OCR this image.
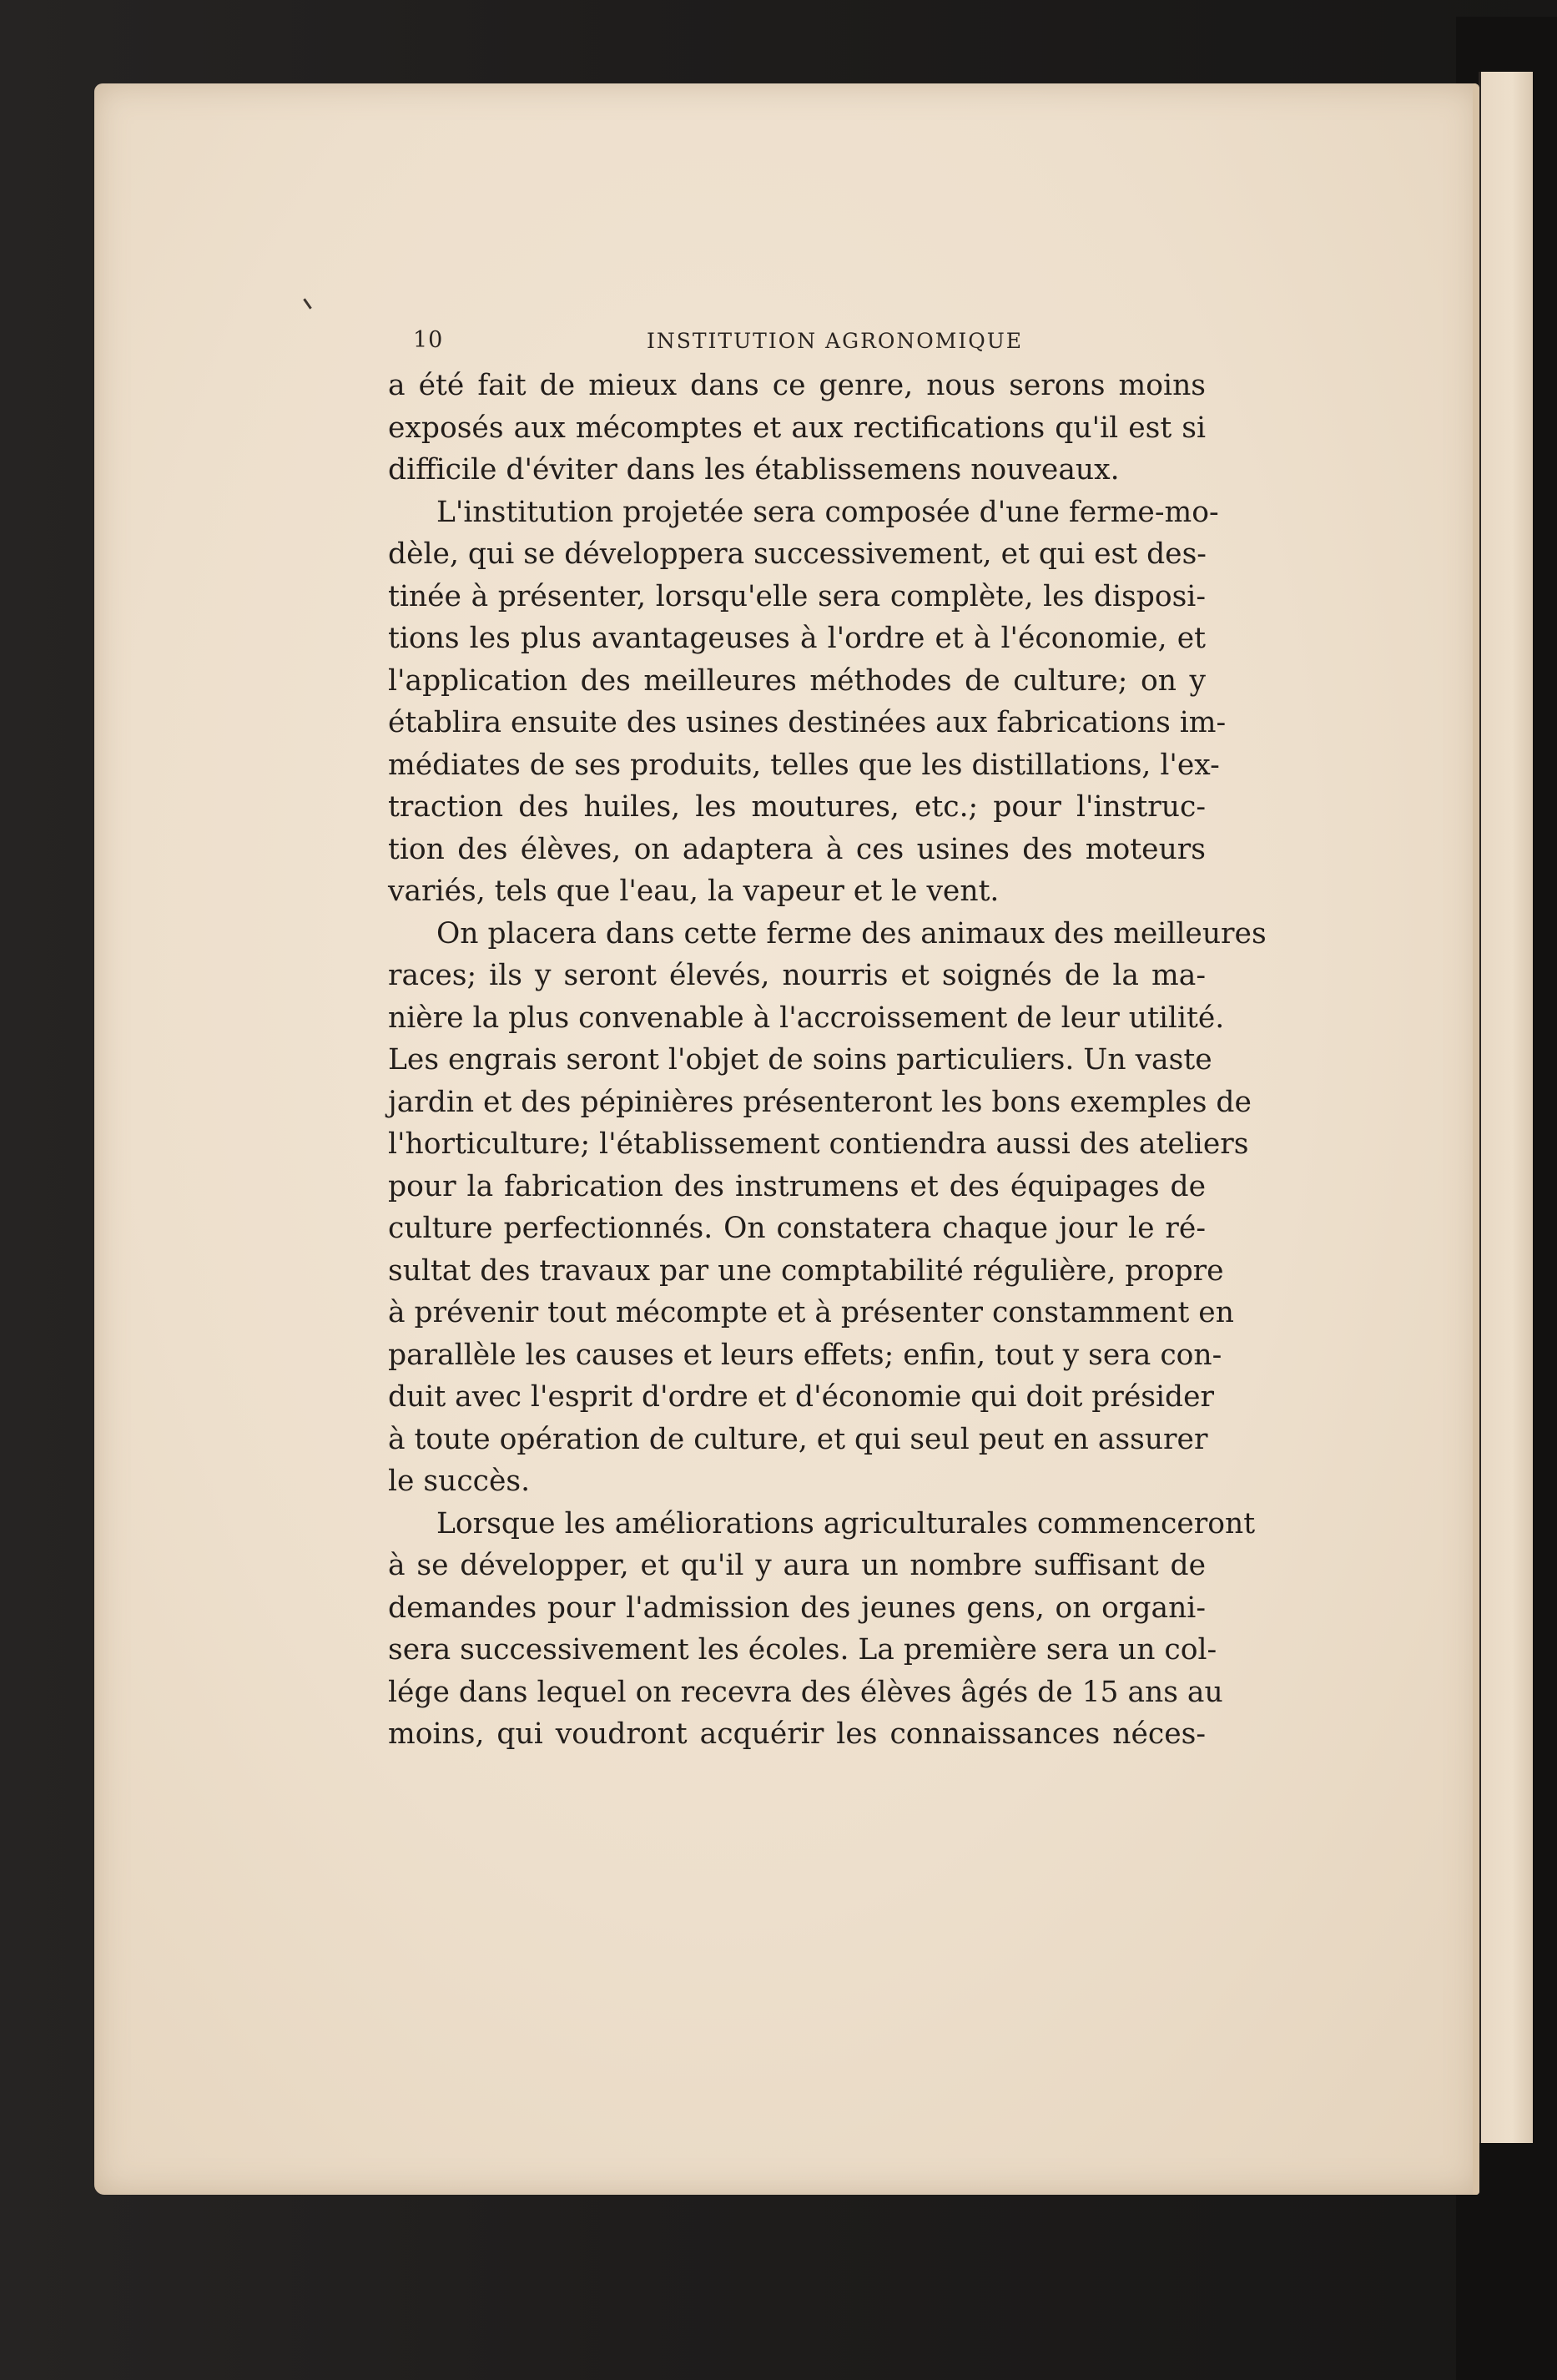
10	INSTITUTION AGRONOMIQUE
a été fait de mieux dans ce genre, nous serons moins
exposés aux mécomptes et aux rectifications qu'il est si
difficile d'éviter dans les établissemens nouveaux.
L'institution projetée sera composée d'une ferme-mo-
dèle, qui se développera successivement, et qui est des-
tinée à présenter, lorsqu'elle sera complète, les disposi-
tions les plus avantageuses à l'ordre et à l'économie, et
l'application des meilleures méthodes de culture; on y
établira ensuite des usines destinées aux fabrications im-
médiates de ses produits, telles que les distillations, l'ex-
traction des huiles, les moutures, etc.; pour l'instruc-
tion des élèves, on adaptera à ces usines des moteurs
variés, tels que l'eau, la vapeur et le vent.
On placera dans cette ferme des animaux des meilleures
races; ils y seront élevés, nourris et soignés de la ma-
nière la plus convenable à l'accroissement de leur utilité.
Les engrais seront l'objet de soins particuliers. Un vaste
jardin et des pépinières présenteront les bons exemples de
l'horticulture; l'établissement contiendra aussi des ateliers
pour la fabrication des instrumens et des équipages de
culture perfectionnés. On constatera chaque jour le ré-
sultat des travaux par une comptabilité régulière, propre
à prévenir tout mécompte et à présenter constamment en
parallèle les causes et leurs effets; enfin, tout y sera con-
duit avec l'esprit d'ordre et d'économie qui doit présider
à toute opération de culture, et qui seul peut en assurer
le succès.
Lorsque les améliorations agriculturales commenceront
à se développer, et qu'il y aura un nombre suffisant de
demandes pour l'admission des jeunes gens, on organi-
sera successivement les écoles. La première sera un col-
lége dans lequel on recevra des élèves âgés de 15 ans au
moins, qui voudront acquérir les connaissances néces-
